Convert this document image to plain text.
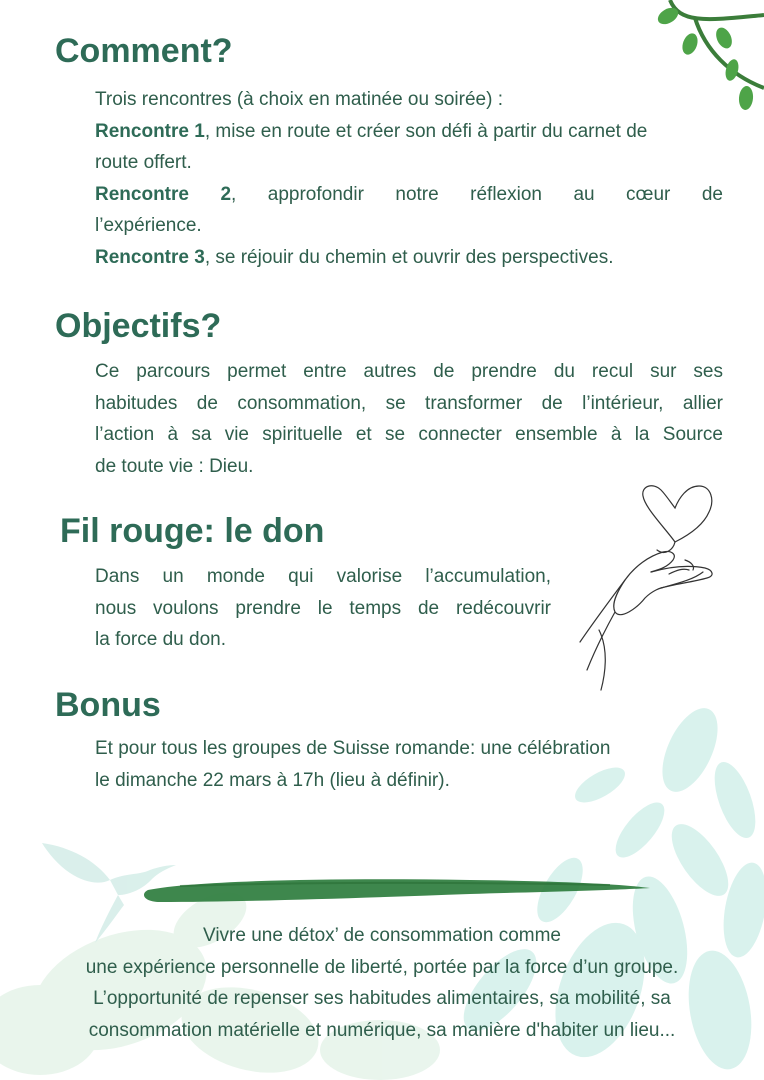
Comment?

Trois rencontres (à choix en matinée ou soirée) :

Rencontre 1, mise en route et créer son défi à partir du carnet de

route offert.

Rencontre 2, approfondir notre réflexion au cœur de

l’expérience.

Rencontre 3, se réjouir du chemin et ouvrir des perspectives.

Objectifs?

Ce parcours permet entre autres de prendre du recul sur ses

habitudes de consommation, se transformer de l’intérieur, allier

l’action à sa vie spirituelle et se connecter ensemble à la Source

de toute vie : Dieu.

Fil rouge: le don

Dans un monde qui valorise l’accumulation,

nous voulons prendre le temps de redécouvrir

la force du don.

Bonus

Et pour tous les groupes de Suisse romande: une célébration

le dimanche 22 mars à 17h (lieu à définir).

Vivre une détox’ de consommation comme

une expérience personnelle de liberté, portée par la force d’un groupe.

L’opportunité de repenser ses habitudes alimentaires, sa mobilité, sa

consommation matérielle et numérique, sa manière d'habiter un lieu...
